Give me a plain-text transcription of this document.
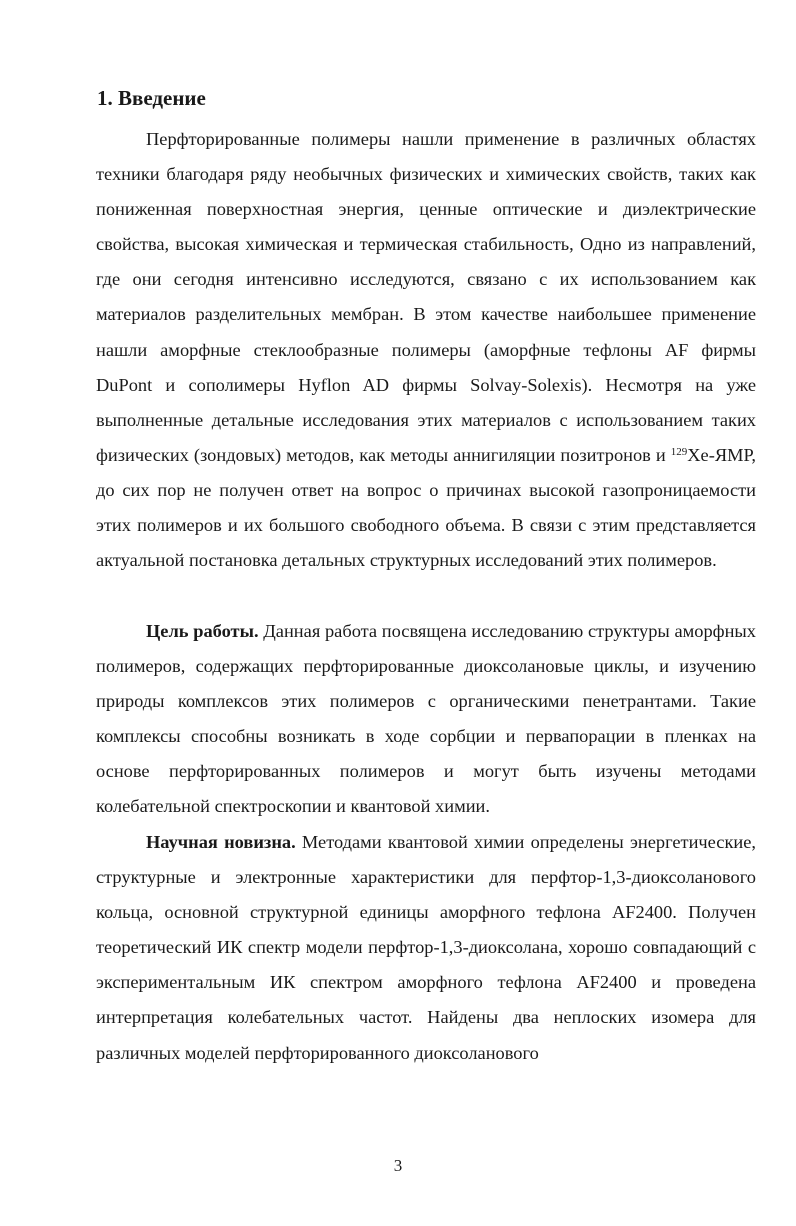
1. Введение

Перфторированные полимеры нашли применение в различных областях техники благодаря ряду необычных физических и химических свойств, таких как пониженная поверхностная энергия, ценные оптические и диэлектрические свойства, высокая химическая и термическая стабильность, Одно из направлений, где они сегодня интенсивно исследуются, связано с их использованием как материалов разделительных мембран. В этом качестве наибольшее применение нашли аморфные стеклообразные полимеры (аморфные тефлоны AF фирмы DuPont и сополимеры Hyflon AD фирмы Solvay-Solexis). Несмотря на уже выполненные детальные исследования этих материалов с использованием таких физических (зондовых) методов, как методы аннигиляции позитронов и $^{129}$Xe-ЯМР, до сих пор не получен ответ на вопрос о причинах высокой газопроницаемости этих полимеров и их большого свободного объема. В связи с этим представляется актуальной постановка детальных структурных исследований этих полимеров.

Цель работы. Данная работа посвящена исследованию структуры аморфных полимеров, содержащих перфторированные диоксолановые циклы, и изучению природы комплексов этих полимеров с органическими пенетрантами. Такие комплексы способны возникать в ходе сорбции и первапорации в пленках на основе перфторированных полимеров и могут быть изучены методами колебательной спектроскопии и квантовой химии.

Научная новизна. Методами квантовой химии определены энергетические, структурные и электронные характеристики для перфтор-1,3-диоксоланового кольца, основной структурной единицы аморфного тефлона AF2400. Получен теоретический ИК спектр модели перфтор-1,3-диоксолана, хорошо совпадающий с экспериментальным ИК спектром аморфного тефлона AF2400 и проведена интерпретация колебательных частот. Найдены два неплоских изомера для различных моделей перфторированного диоксоланового

3
